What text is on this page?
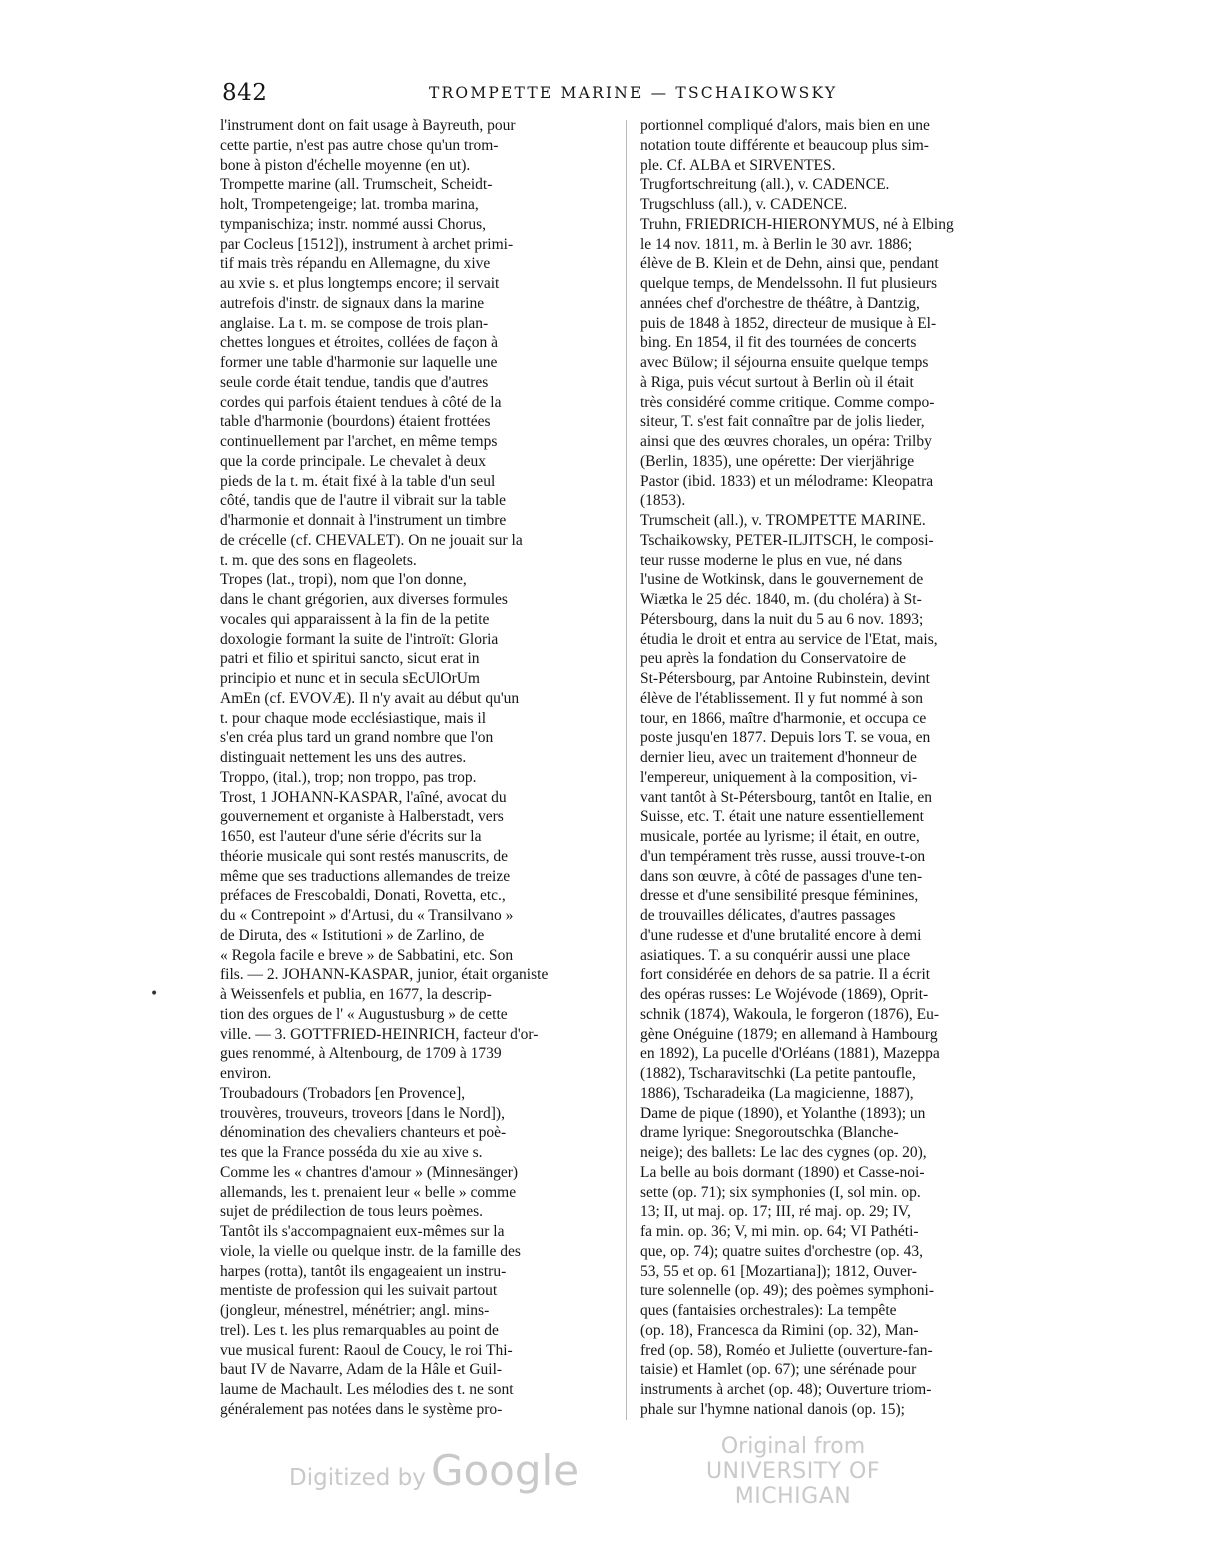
842	TROMPETTE MARINE — TSCHAIKOWSKY
l'instrument dont on fait usage à Bayreuth, pour
cette partie, n'est pas autre chose qu'un trom-
bone à piston d'échelle moyenne (en ut).
Trompette marine (all. Trumscheit, Scheidt-
holt, Trompetengeige; lat. tromba marina,
tympanischiza; instr. nommé aussi Chorus,
par Cocleus [1512]), instrument à archet primi-
tif mais très répandu en Allemagne, du xive
au xvie s. et plus longtemps encore; il servait
autrefois d'instr. de signaux dans la marine
anglaise. La t. m. se compose de trois plan-
chettes longues et étroites, collées de façon à
former une table d'harmonie sur laquelle une
seule corde était tendue, tandis que d'autres
cordes qui parfois étaient tendues à côté de la
table d'harmonie (bourdons) étaient frottées
continuellement par l'archet, en même temps
que la corde principale. Le chevalet à deux
pieds de la t. m. était fixé à la table d'un seul
côté, tandis que de l'autre il vibrait sur la table
d'harmonie et donnait à l'instrument un timbre
de crécelle (cf. CHEVALET). On ne jouait sur la
t. m. que des sons en flageolets.
Tropes (lat., tropi), nom que l'on donne,
dans le chant grégorien, aux diverses formules
vocales qui apparaissent à la fin de la petite
doxologie formant la suite de l'introït: Gloria
patri et filio et spiritui sancto, sicut erat in
principio et nunc et in secula sEcUlOrUm
AmEn (cf. EVOVÆ). Il n'y avait au début qu'un
t. pour chaque mode ecclésiastique, mais il
s'en créa plus tard un grand nombre que l'on
distinguait nettement les uns des autres.
Troppo, (ital.), trop; non troppo, pas trop.
Trost, 1 JOHANN-KASPAR, l'aîné, avocat du
gouvernement et organiste à Halberstadt, vers
1650, est l'auteur d'une série d'écrits sur la
théorie musicale qui sont restés manuscrits, de
même que ses traductions allemandes de treize
préfaces de Frescobaldi, Donati, Rovetta, etc.,
du « Contrepoint » d'Artusi, du « Transilvano »
de Diruta, des « Istitutioni » de Zarlino, de
« Regola facile e breve » de Sabbatini, etc. Son
fils. — 2. JOHANN-KASPAR, junior, était organiste
à Weissenfels et publia, en 1677, la descrip-
tion des orgues de l' « Augustusburg » de cette
ville. — 3. GOTTFRIED-HEINRICH, facteur d'or-
gues renommé, à Altenbourg, de 1709 à 1739
environ.
Troubadours (Trobadors [en Provence],
trouvères, trouveurs, troveors [dans le Nord]),
dénomination des chevaliers chanteurs et poè-
tes que la France posséda du xie au xive s.
Comme les « chantres d'amour » (Minnesänger)
allemands, les t. prenaient leur « belle » comme
sujet de prédilection de tous leurs poèmes.
Tantôt ils s'accompagnaient eux-mêmes sur la
viole, la vielle ou quelque instr. de la famille des
harpes (rotta), tantôt ils engageaient un instru-
mentiste de profession qui les suivait partout
(jongleur, ménestrel, ménétrier; angl. mins-
trel). Les t. les plus remarquables au point de
vue musical furent: Raoul de Coucy, le roi Thi-
baut IV de Navarre, Adam de la Hâle et Guil-
laume de Machault. Les mélodies des t. ne sont
généralement pas notées dans le système pro-
portionnel compliqué d'alors, mais bien en une
notation toute différente et beaucoup plus sim-
ple. Cf. ALBA et SIRVENTES.
Trugfortschreitung (all.), v. CADENCE.
Trugschluss (all.), v. CADENCE.
Truhn, FRIEDRICH-HIERONYMUS, né à Elbing
le 14 nov. 1811, m. à Berlin le 30 avr. 1886;
élève de B. Klein et de Dehn, ainsi que, pendant
quelque temps, de Mendelssohn. Il fut plusieurs
années chef d'orchestre de théâtre, à Dantzig,
puis de 1848 à 1852, directeur de musique à El-
bing. En 1854, il fit des tournées de concerts
avec Bülow; il séjourna ensuite quelque temps
à Riga, puis vécut surtout à Berlin où il était
très considéré comme critique. Comme compo-
siteur, T. s'est fait connaître par de jolis lieder,
ainsi que des œuvres chorales, un opéra: Trilby
(Berlin, 1835), une opérette: Der vierjährige
Pastor (ibid. 1833) et un mélodrame: Kleopatra
(1853).
Trumscheit (all.), v. TROMPETTE MARINE.
Tschaikowsky, PETER-ILJITSCH, le composi-
teur russe moderne le plus en vue, né dans
l'usine de Wotkinsk, dans le gouvernement de
Wiætka le 25 déc. 1840, m. (du choléra) à St-
Pétersbourg, dans la nuit du 5 au 6 nov. 1893;
étudia le droit et entra au service de l'Etat, mais,
peu après la fondation du Conservatoire de
St-Pétersbourg, par Antoine Rubinstein, devint
élève de l'établissement. Il y fut nommé à son
tour, en 1866, maître d'harmonie, et occupa ce
poste jusqu'en 1877. Depuis lors T. se voua, en
dernier lieu, avec un traitement d'honneur de
l'empereur, uniquement à la composition, vi-
vant tantôt à St-Pétersbourg, tantôt en Italie, en
Suisse, etc. T. était une nature essentiellement
musicale, portée au lyrisme; il était, en outre,
d'un tempérament très russe, aussi trouve-t-on
dans son œuvre, à côté de passages d'une ten-
dresse et d'une sensibilité presque féminines,
de trouvailles délicates, d'autres passages
d'une rudesse et d'une brutalité encore à demi
asiatiques. T. a su conquérir aussi une place
fort considérée en dehors de sa patrie. Il a écrit
des opéras russes: Le Wojévode (1869), Oprit-
schnik (1874), Wakoula, le forgeron (1876), Eu-
gène Onéguine (1879; en allemand à Hambourg
en 1892), La pucelle d'Orléans (1881), Mazeppa
(1882), Tscharavitschki (La petite pantoufle,
1886), Tscharadeika (La magicienne, 1887),
Dame de pique (1890), et Yolanthe (1893); un
drame lyrique: Snegoroutschka (Blanche-
neige); des ballets: Le lac des cygnes (op. 20),
La belle au bois dormant (1890) et Casse-noi-
sette (op. 71); six symphonies (I, sol min. op.
13; II, ut maj. op. 17; III, ré maj. op. 29; IV,
fa min. op. 36; V, mi min. op. 64; VI Pathéti-
que, op. 74); quatre suites d'orchestre (op. 43,
53, 55 et op. 61 [Mozartiana]); 1812, Ouver-
ture solennelle (op. 49); des poèmes symphoni-
ques (fantaisies orchestrales): La tempête
(op. 18), Francesca da Rimini (op. 32), Man-
fred (op. 58), Roméo et Juliette (ouverture-fan-
taisie) et Hamlet (op. 67); une sérénade pour
instruments à archet (op. 48); Ouverture triom-
phale sur l'hymne national danois (op. 15);
•
Digitized by Google	Original from
UNIVERSITY OF MICHIGAN
